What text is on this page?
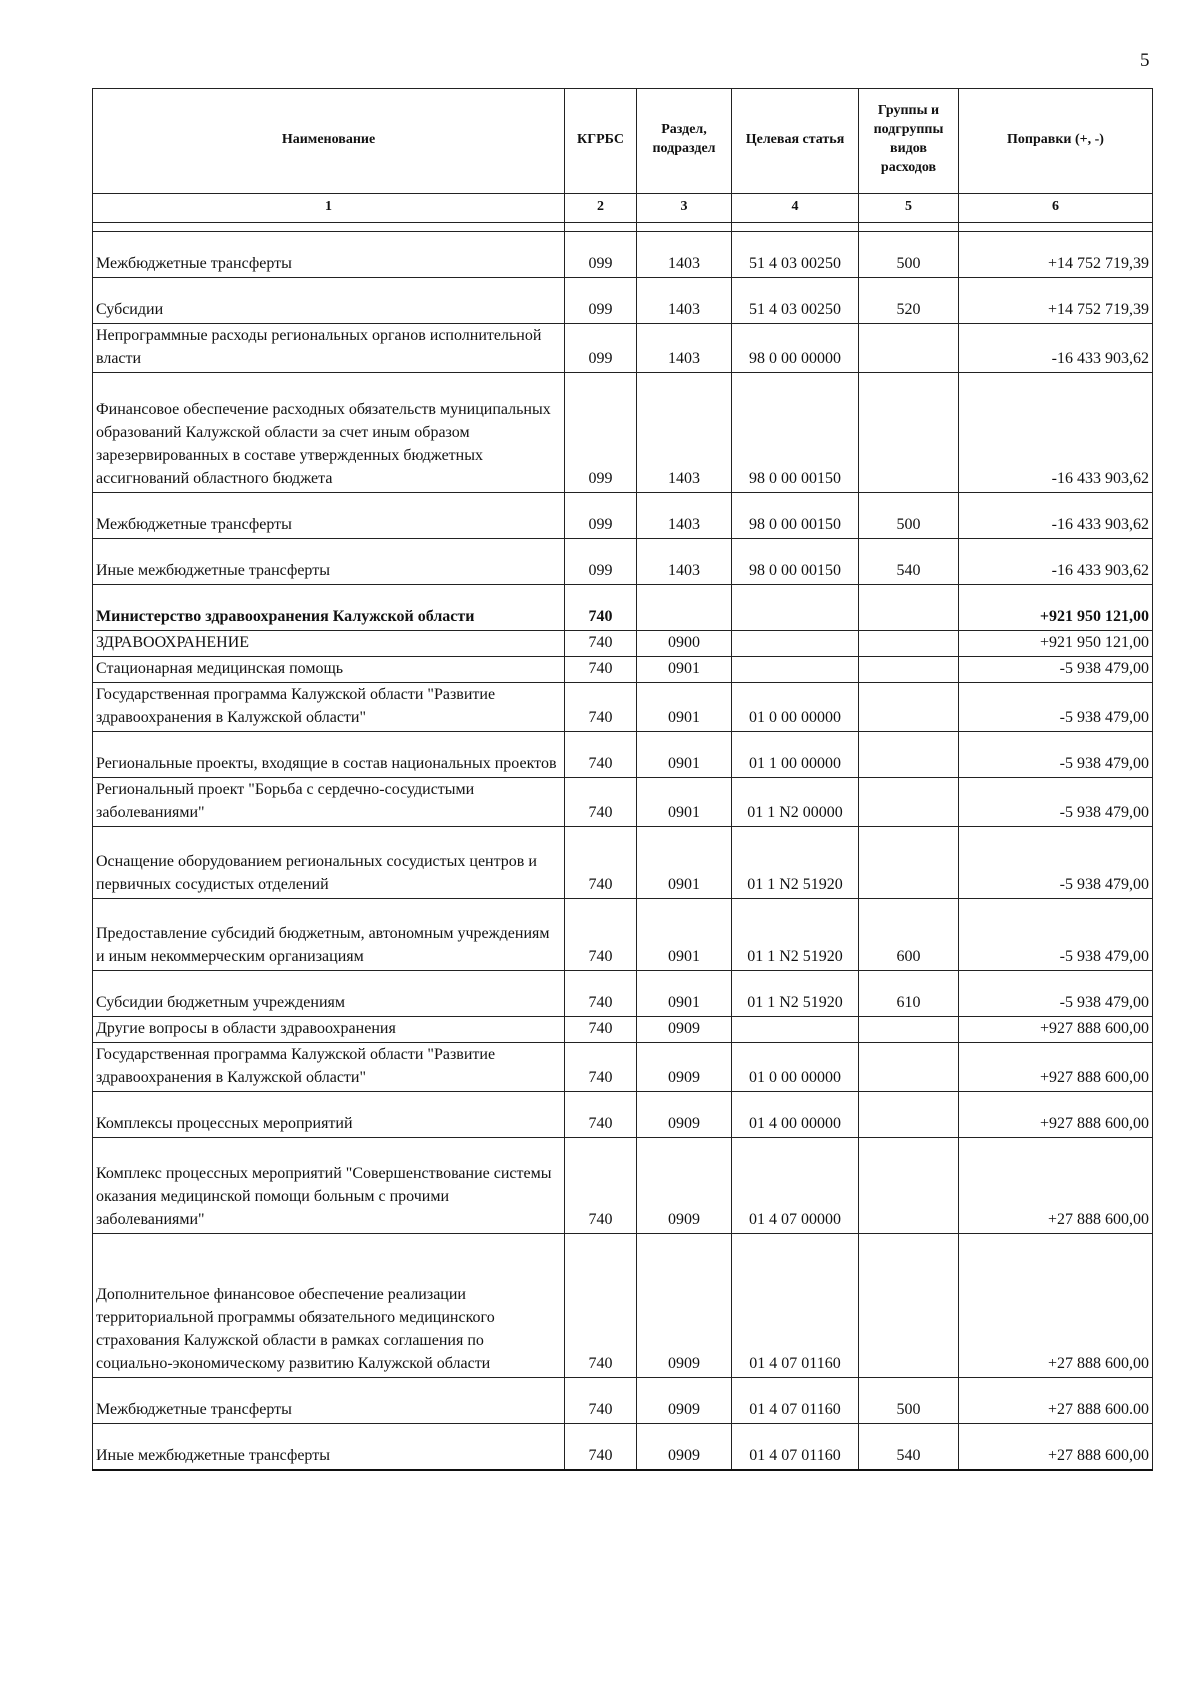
5
Наименование	КГРБС	Раздел, подраздел	Целевая статья	Группы и подгруппы видов расходов	Поправки (+, -)
1	2	3	4	5	6

Межбюджетные трансферты	099	1403	51 4 03 00250	500	+14 752 719,39
Субсидии	099	1403	51 4 03 00250	520	+14 752 719,39
Непрограммные расходы региональных органов исполнительной власти	099	1403	98 0 00 00000		-16 433 903,62
Финансовое обеспечение расходных обязательств муниципальных образований Калужской области за счет иным образом зарезервированных в составе утвержденных бюджетных ассигнований областного бюджета	099	1403	98 0 00 00150		-16 433 903,62
Межбюджетные трансферты	099	1403	98 0 00 00150	500	-16 433 903,62
Иные межбюджетные трансферты	099	1403	98 0 00 00150	540	-16 433 903,62
Министерство здравоохранения Калужской области	740				+921 950 121,00
ЗДРАВООХРАНЕНИЕ	740	0900			+921 950 121,00
Стационарная медицинская помощь	740	0901			-5 938 479,00
Государственная программа Калужской области "Развитие здравоохранения в Калужской области"	740	0901	01 0 00 00000		-5 938 479,00
Региональные проекты, входящие в состав национальных проектов	740	0901	01 1 00 00000		-5 938 479,00
Региональный проект "Борьба с сердечно-сосудистыми заболеваниями"	740	0901	01 1 N2 00000		-5 938 479,00
Оснащение оборудованием региональных сосудистых центров и первичных сосудистых отделений	740	0901	01 1 N2 51920		-5 938 479,00
Предоставление субсидий бюджетным, автономным учреждениям и иным некоммерческим организациям	740	0901	01 1 N2 51920	600	-5 938 479,00
Субсидии бюджетным учреждениям	740	0901	01 1 N2 51920	610	-5 938 479,00
Другие вопросы в области здравоохранения	740	0909			+927 888 600,00
Государственная программа Калужской области "Развитие здравоохранения в Калужской области"	740	0909	01 0 00 00000		+927 888 600,00
Комплексы процессных мероприятий	740	0909	01 4 00 00000		+927 888 600,00
Комплекс процессных мероприятий "Совершенствование системы оказания медицинской помощи больным с прочими заболеваниями"	740	0909	01 4 07 00000		+27 888 600,00
Дополнительное финансовое обеспечение реализации территориальной программы обязательного медицинского страхования Калужской области в рамках соглашения по социально-экономическому развитию Калужской области	740	0909	01 4 07 01160		+27 888 600,00
Межбюджетные трансферты	740	0909	01 4 07 01160	500	+27 888 600.00
Иные межбюджетные трансферты	740	0909	01 4 07 01160	540	+27 888 600,00
